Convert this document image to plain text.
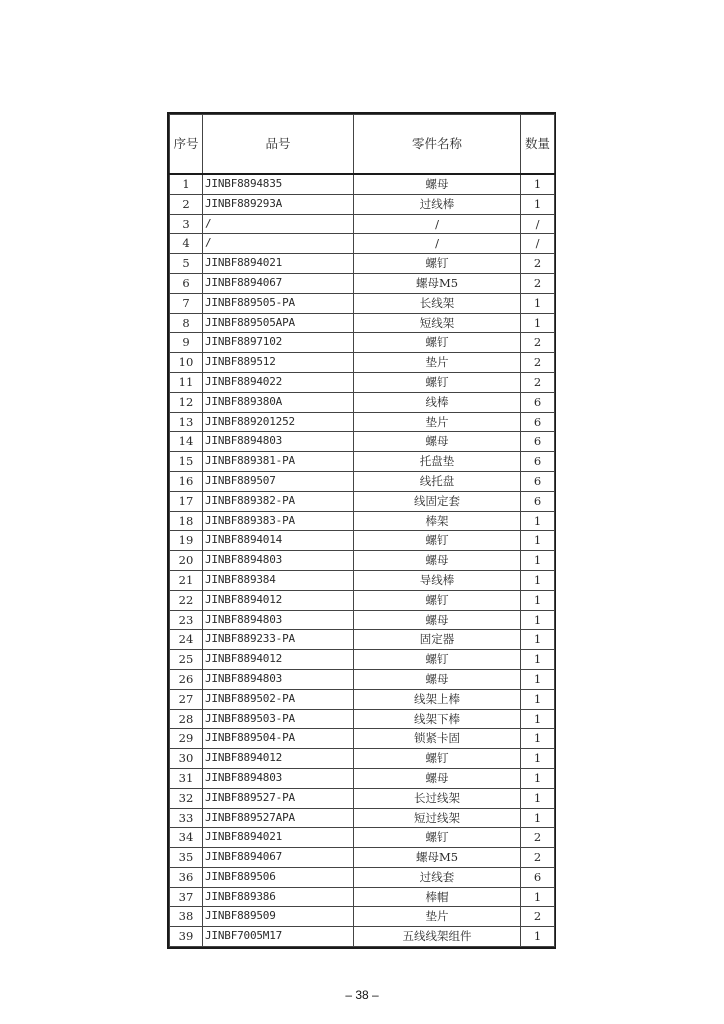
序号	品号	零件名称	数量
1	JINBF8894835	螺母	1
2	JINBF889293A	过线棒	1
3	/	/	/
4	/	/	/
5	JINBF8894021	螺钉	2
6	JINBF8894067	螺母M5	2
7	JINBF889505-PA	长线架	1
8	JINBF889505APA	短线架	1
9	JINBF8897102	螺钉	2
10	JINBF889512	垫片	2
11	JINBF8894022	螺钉	2
12	JINBF889380A	线棒	6
13	JINBF889201252	垫片	6
14	JINBF8894803	螺母	6
15	JINBF889381-PA	托盘垫	6
16	JINBF889507	线托盘	6
17	JINBF889382-PA	线固定套	6
18	JINBF889383-PA	棒架	1
19	JINBF8894014	螺钉	1
20	JINBF8894803	螺母	1
21	JINBF889384	导线棒	1
22	JINBF8894012	螺钉	1
23	JINBF8894803	螺母	1
24	JINBF889233-PA	固定器	1
25	JINBF8894012	螺钉	1
26	JINBF8894803	螺母	1
27	JINBF889502-PA	线架上棒	1
28	JINBF889503-PA	线架下棒	1
29	JINBF889504-PA	锁紧卡固	1
30	JINBF8894012	螺钉	1
31	JINBF8894803	螺母	1
32	JINBF889527-PA	长过线架	1
33	JINBF889527APA	短过线架	1
34	JINBF8894021	螺钉	2
35	JINBF8894067	螺母M5	2
36	JINBF889506	过线套	6
37	JINBF889386	棒帽	1
38	JINBF889509	垫片	2
39	JINBF7005M17	五线线架组件	1
– 38 –
